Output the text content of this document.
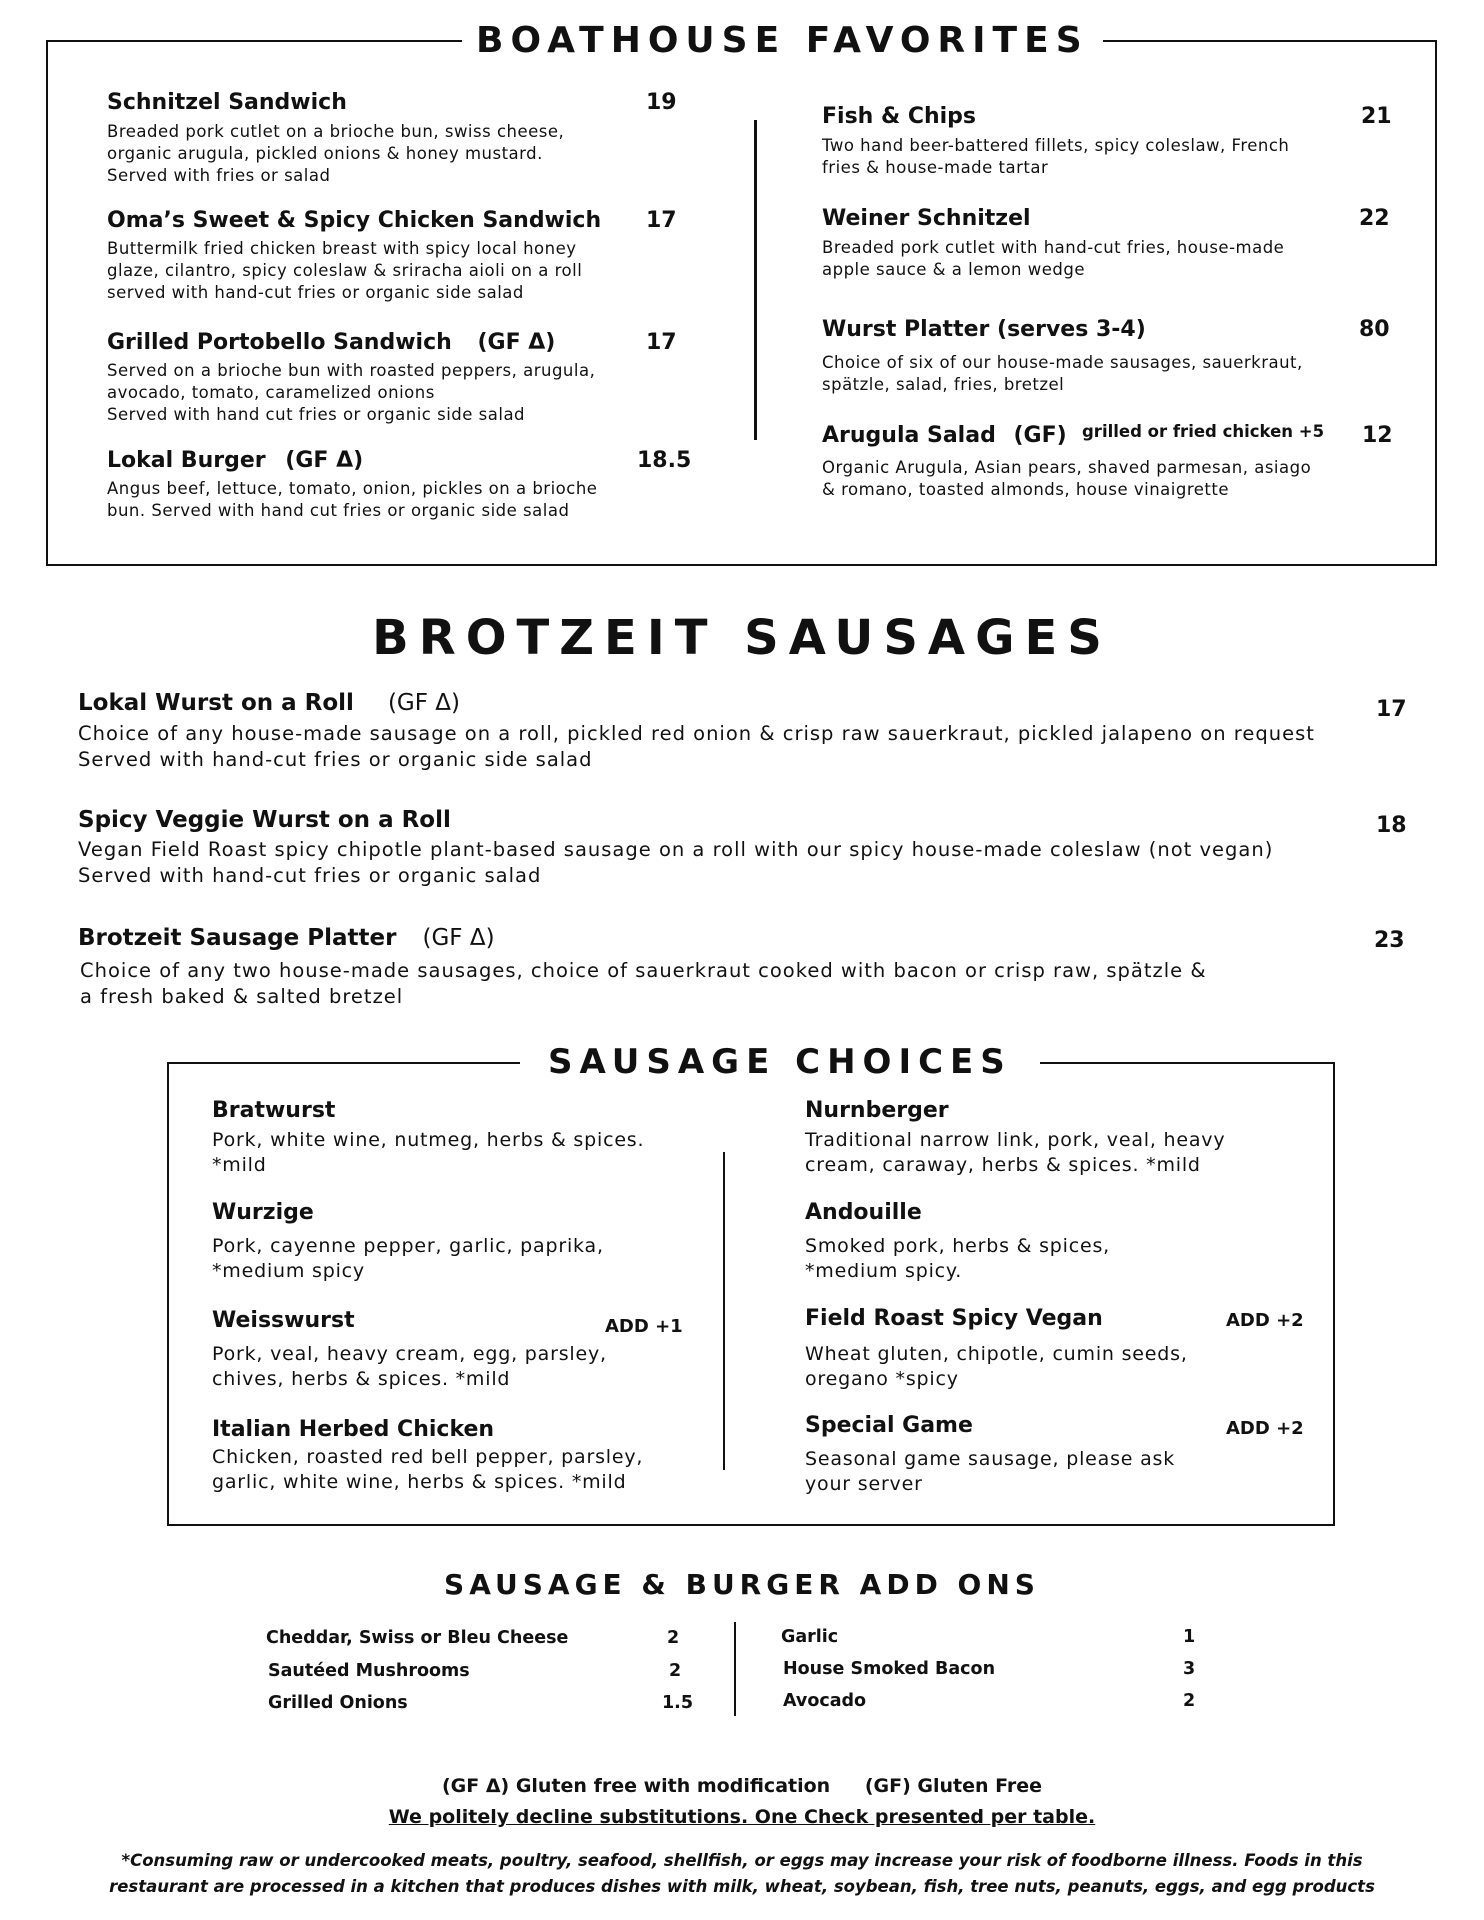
BOATHOUSE FAVORITES
Schnitzel Sandwich	19
Breaded pork cutlet on a brioche bun, swiss cheese,
organic arugula, pickled onions & honey mustard.
Served with fries or salad
Oma’s Sweet & Spicy Chicken Sandwich 17
Buttermilk fried chicken breast with spicy local honey
glaze, cilantro, spicy coleslaw & sriracha aioli on a roll
served with hand-cut fries or organic side salad
Grilled Portobello Sandwich (GF Δ)	17
Served on a brioche bun with roasted peppers, arugula,
avocado, tomato, caramelized onions
Served with hand cut fries or organic side salad
Lokal Burger (GF Δ)	18.5
Angus beef, lettuce, tomato, onion, pickles on a brioche
bun. Served with hand cut fries or organic side salad
Fish & Chips	21
Two hand beer-battered fillets, spicy coleslaw, French
fries & house-made tartar
Weiner Schnitzel	22
Breaded pork cutlet with hand-cut fries, house-made
apple sauce & a lemon wedge
Wurst Platter (serves 3-4)	80
Choice of six of our house-made sausages, sauerkraut,
spätzle, salad, fries, bretzel
Arugula Salad (GF) grilled or fried chicken +5 12
Organic Arugula, Asian pears, shaved parmesan, asiago
& romano, toasted almonds, house vinaigrette
BROTZEIT SAUSAGES
Lokal Wurst on a Roll (GF Δ)	17
Choice of any house-made sausage on a roll, pickled red onion & crisp raw sauerkraut, pickled jalapeno on request
Served with hand-cut fries or organic side salad
Spicy Veggie Wurst on a Roll	18
Vegan Field Roast spicy chipotle plant-based sausage on a roll with our spicy house-made coleslaw (not vegan)
Served with hand-cut fries or organic salad
Brotzeit Sausage Platter (GF Δ)	23
Choice of any two house-made sausages, choice of sauerkraut cooked with bacon or crisp raw, spätzle &
a fresh baked & salted bretzel
SAUSAGE CHOICES
Bratwurst
Pork, white wine, nutmeg, herbs & spices.
*mild
Wurzige
Pork, cayenne pepper, garlic, paprika,
*medium spicy
Weisswurst	ADD +1
Pork, veal, heavy cream, egg, parsley,
chives, herbs & spices. *mild
Italian Herbed Chicken
Chicken, roasted red bell pepper, parsley,
garlic, white wine, herbs & spices. *mild
Nurnberger
Traditional narrow link, pork, veal, heavy
cream, caraway, herbs & spices. *mild
Andouille
Smoked pork, herbs & spices,
*medium spicy.
Field Roast Spicy Vegan	ADD +2
Wheat gluten, chipotle, cumin seeds,
oregano *spicy
Special Game	ADD +2
Seasonal game sausage, please ask
your server
SAUSAGE & BURGER ADD ONS
Cheddar, Swiss or Bleu Cheese	2
Sautéed Mushrooms	2
Grilled Onions	1.5
Garlic	1
House Smoked Bacon	3
Avocado	2
(GF Δ) Gluten free with modification (GF) Gluten Free
We politely decline substitutions. One Check presented per table.
*Consuming raw or undercooked meats, poultry, seafood, shellfish, or eggs may increase your risk of foodborne illness. Foods in this
restaurant are processed in a kitchen that produces dishes with milk, wheat, soybean, fish, tree nuts, peanuts, eggs, and egg products
